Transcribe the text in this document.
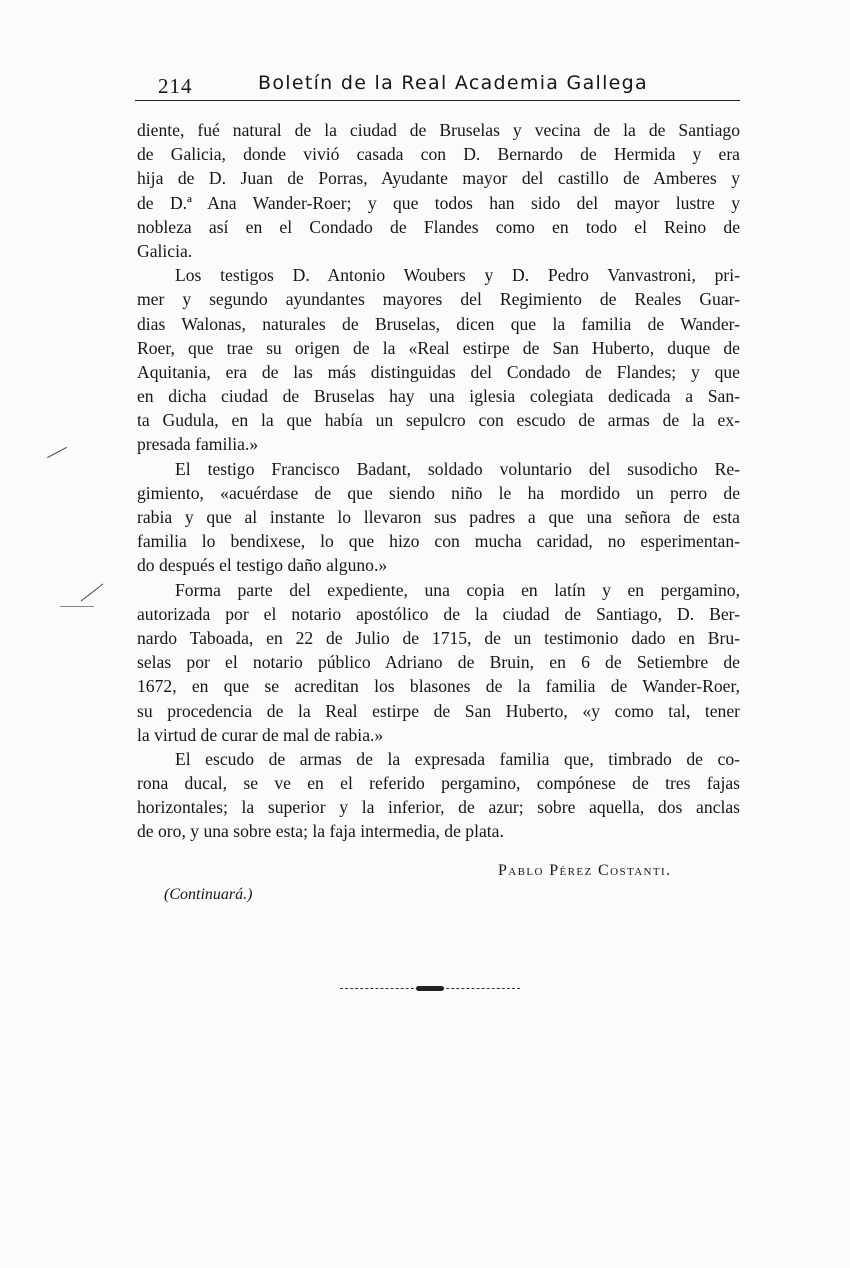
214	Boletín de la Real Academia Gallega
diente, fué natural de la ciudad de Bruselas y vecina de la de Santiago
de Galicia, donde vivió casada con D. Bernardo de Hermida y era
hija de D. Juan de Porras, Ayudante mayor del castillo de Amberes y
de D.ª Ana Wander-Roer; y que todos han sido del mayor lustre y
nobleza así en el Condado de Flandes como en todo el Reino de
Galicia.
Los testigos D. Antonio Woubers y D. Pedro Vanvastroni, pri-
mer y segundo ayundantes mayores del Regimiento de Reales Guar-
dias Walonas, naturales de Bruselas, dicen que la familia de Wander-
Roer, que trae su origen de la «Real estirpe de San Huberto, duque de
Aquitania, era de las más distinguidas del Condado de Flandes; y que
en dicha ciudad de Bruselas hay una iglesia colegiata dedicada a San-
ta Gudula, en la que había un sepulcro con escudo de armas de la ex-
presada familia.»
El testigo Francisco Badant, soldado voluntario del susodicho Re-
gimiento, «acuérdase de que siendo niño le ha mordido un perro de
rabia y que al instante lo llevaron sus padres a que una señora de esta
familia lo bendixese, lo que hizo con mucha caridad, no esperimentan-
do después el testigo daño alguno.»
Forma parte del expediente, una copia en latín y en pergamino,
autorizada por el notario apostólico de la ciudad de Santiago, D. Ber-
nardo Taboada, en 22 de Julio de 1715, de un testimonio dado en Bru-
selas por el notario público Adriano de Bruin, en 6 de Setiembre de
1672, en que se acreditan los blasones de la familia de Wander-Roer,
su procedencia de la Real estirpe de San Huberto, «y como tal, tener
la virtud de curar de mal de rabia.»
El escudo de armas de la expresada familia que, timbrado de co-
rona ducal, se ve en el referido pergamino, compónese de tres fajas
horizontales; la superior y la inferior, de azur; sobre aquella, dos anclas
de oro, y una sobre esta; la faja intermedia, de plata.
Pablo Pérez Costanti.
(Continuará.)
